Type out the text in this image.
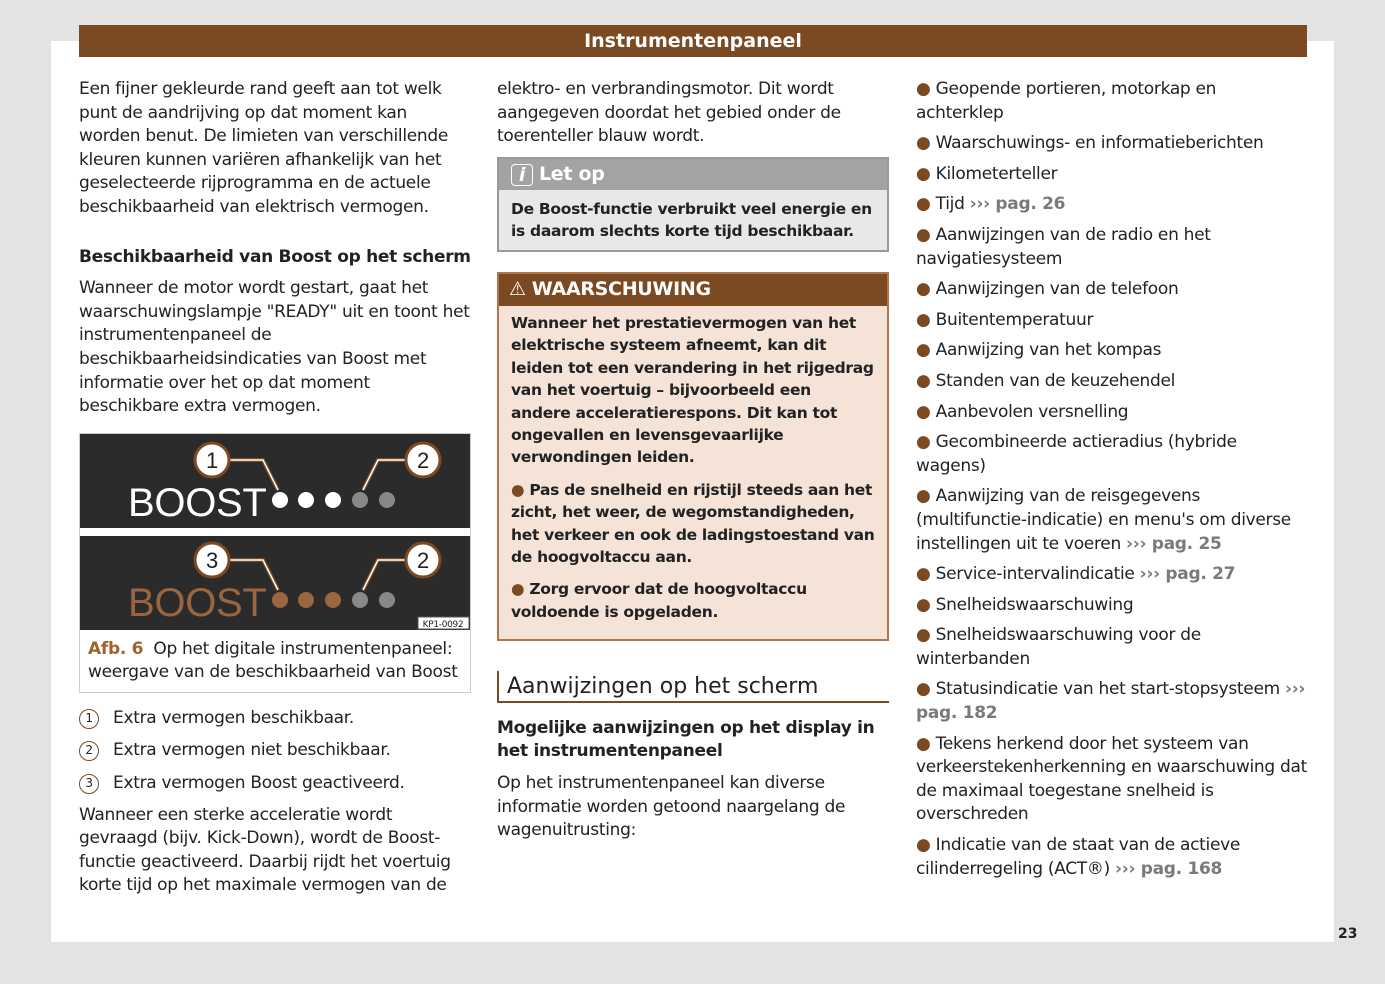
Instrumentenpaneel

Een fijner gekleurde rand geeft aan tot welk punt de aandrijving op dat moment kan worden benut. De limieten van verschillende kleuren kunnen variëren afhankelijk van het geselecteerde rijprogramma en de actuele beschikbaarheid van elektrisch vermogen.

Beschikbaarheid van Boost op het scherm

Wanneer de motor wordt gestart, gaat het waarschuwingslampje "READY" uit en toont het instrumentenpaneel de beschikbaarheidsindicaties van Boost met informatie over het op dat moment beschikbare extra vermogen.

BOOST
BOOST
1	2
3	2
KP1-0092
Afb. 6 Op het digitale instrumentenpaneel: weergave van de beschikbaarheid van Boost
1	Extra vermogen beschikbaar.
2	Extra vermogen niet beschikbaar.
3	Extra vermogen Boost geactiveerd.

Wanneer een sterke acceleratie wordt gevraagd (bijv. Kick-Down), wordt de Boost-functie geactiveerd. Daarbij rijdt het voertuig korte tijd op het maximale vermogen van de

elektro- en verbrandingsmotor. Dit wordt aangegeven doordat het gebied onder de toerenteller blauw wordt.

i Let op
De Boost-functie verbruikt veel energie en is daarom slechts korte tijd beschikbaar.
⚠ WAARSCHUWING

Wanneer het prestatievermogen van het elektrische systeem afneemt, kan dit leiden tot een verandering in het rijgedrag van het voertuig – bijvoorbeeld een andere acceleratierespons. Dit kan tot ongevallen en levensgevaarlijke verwondingen leiden.

● Pas de snelheid en rijstijl steeds aan het zicht, het weer, de wegomstandigheden, het verkeer en ook de ladingstoestand van de hoogvoltaccu aan.

● Zorg ervoor dat de hoogvoltaccu voldoende is opgeladen.

Aanwijzingen op het scherm

Mogelijke aanwijzingen op het display in het instrumentenpaneel

Op het instrumentenpaneel kan diverse informatie worden getoond naargelang de wagenuitrusting:

● Geopende portieren, motorkap en achterklep

● Waarschuwings- en informatieberichten

● Kilometerteller

● Tijd ››› pag. 26

● Aanwijzingen van de radio en het navigatiesysteem

● Aanwijzingen van de telefoon

● Buitentemperatuur

● Aanwijzing van het kompas

● Standen van de keuzehendel

● Aanbevolen versnelling

● Gecombineerde actieradius (hybride wagens)

● Aanwijzing van de reisgegevens (multifunctie-indicatie) en menu's om diverse instellingen uit te voeren ››› pag. 25

● Service-intervalindicatie ››› pag. 27

● Snelheidswaarschuwing

● Snelheidswaarschuwing voor de winterbanden

● Statusindicatie van het start-stopsysteem ››› pag. 182

● Tekens herkend door het systeem van verkeerstekenherkenning en waarschuwing dat de maximaal toegestane snelheid is overschreden

● Indicatie van de staat van de actieve cilinderregeling (ACT®) ››› pag. 168

23
